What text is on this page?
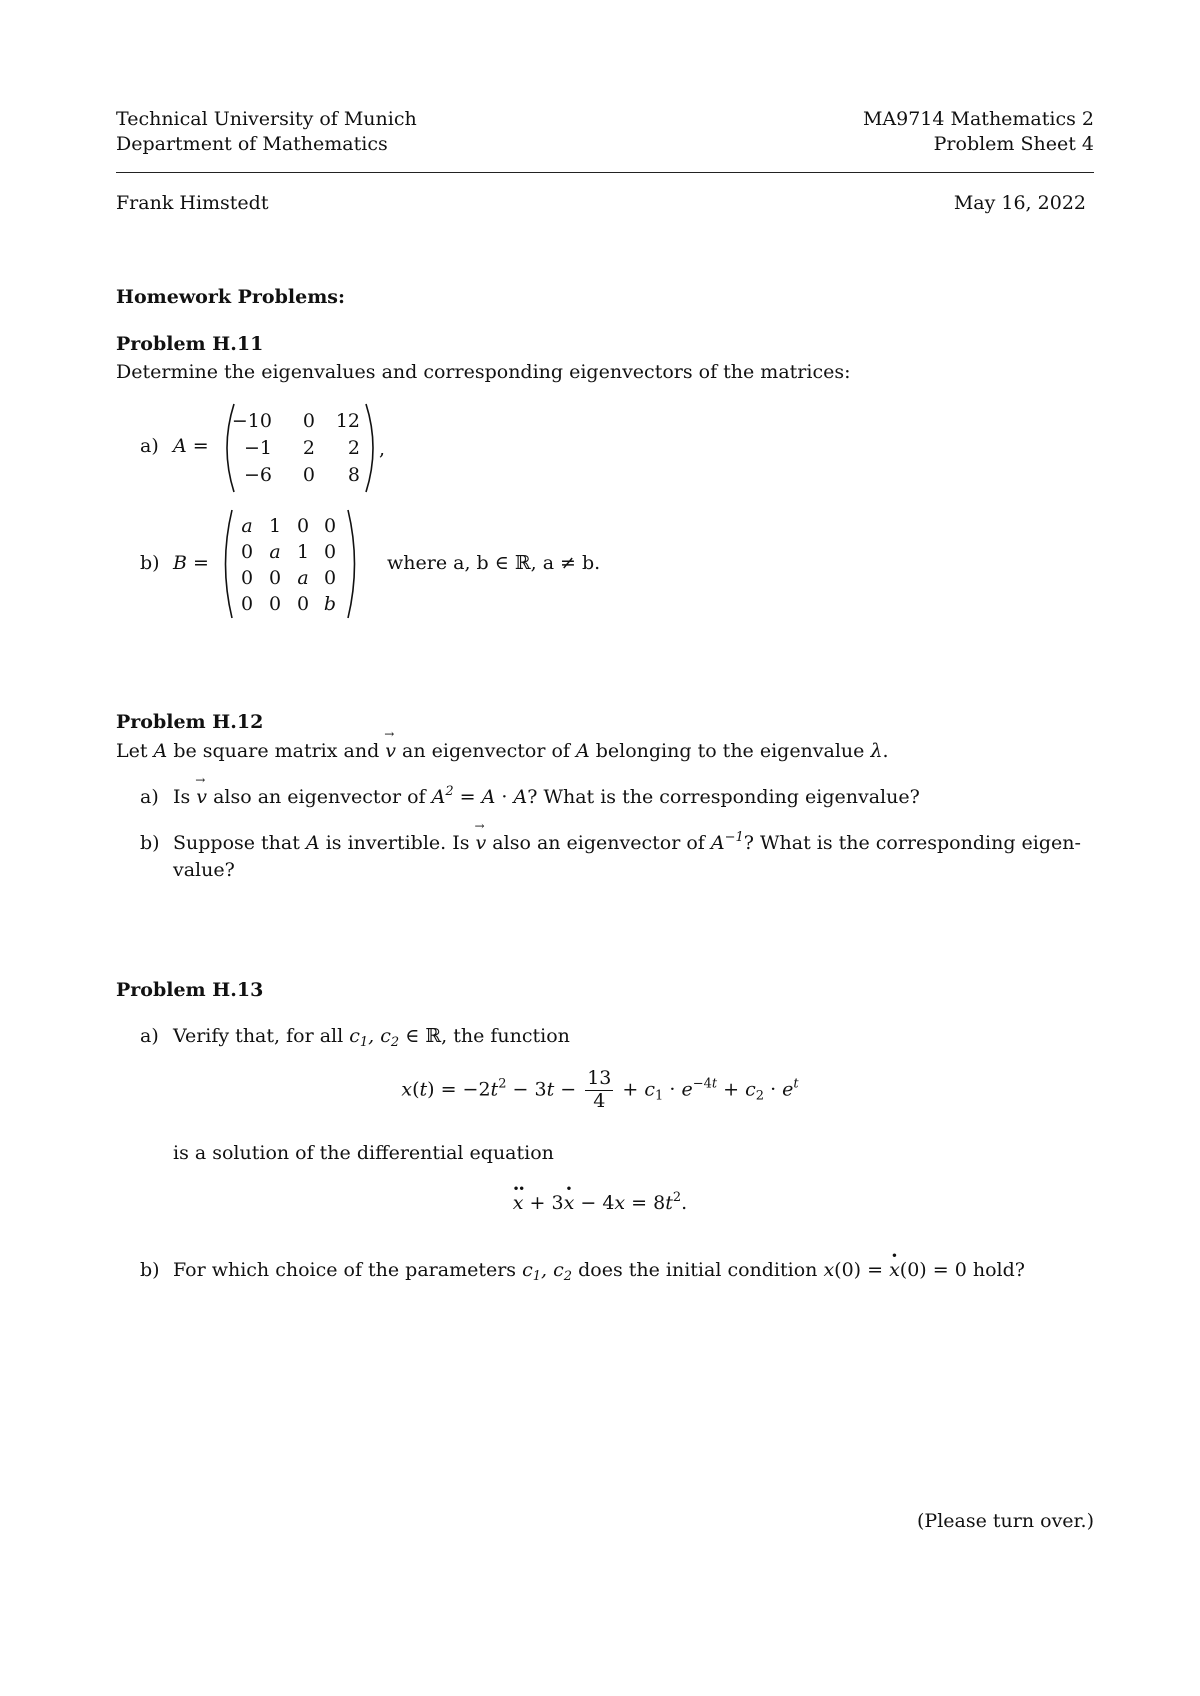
Technical University of Munich
Department of Mathematics
MA9714 Mathematics 2
Problem Sheet 4
Frank Himstedt	May 16, 2022
Homework Problems:
Problem H.11
Determine the eigenvalues and corresponding eigenvectors of the matrices:
a) A =
−10 0 12
−1 2 2
−6 0 8
,
b) B =
a 1 0 0
0 a 1 0
0 0 a 0
0 0 0 b
where a, b ∈ ℝ, a ≠ b.
Problem H.12
Let A be square matrix and → v an eigenvector of A belonging to the eigenvalue λ.
a) Is → v also an eigenvector of $A^2 = A \cdot A$? What is the corresponding eigenvalue?
b) Suppose that A is invertible. Is → v also an eigenvector of $A^{-1}$? What is the corresponding eigen-
value?
Problem H.13
a) Verify that, for all $c_1$, $c_2$ ∈ ℝ, the function
$x(t) = -2t^2 - 3t - \frac{13}{4} + c_1 \cdot e^{-4t} + c_2 \cdot e^t$
is a solution of the differential equation
·· $x + 3\cdot x - 4x = 8t^2$.
b) For which choice of the parameters $c_1$, $c_2$ does the initial condition x(0) = · x(0) = 0 hold?
(Please turn over.)
